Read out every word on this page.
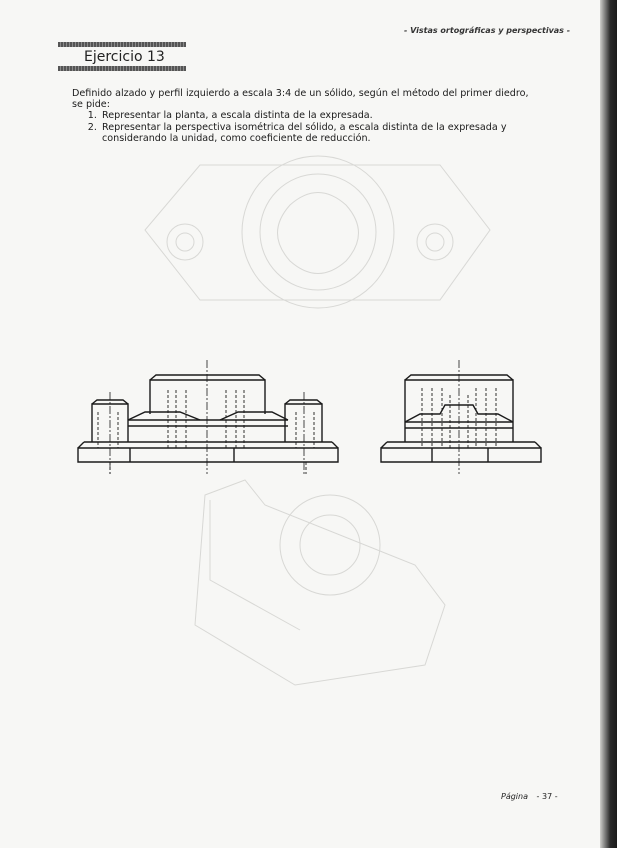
- Vistas ortográficas y perspectivas -
Ejercicio 13

Definido alzado y perfil izquierdo a escala 3:4 de un sólido, según el método del primer diedro, se pide:

1. Representar la planta, a escala distinta de la expresada.
2. Representar la perspectiva isométrica del sólido, a escala distinta de la expresada y considerando la unidad, como coeficiente de reducción.
Página - 37 -
